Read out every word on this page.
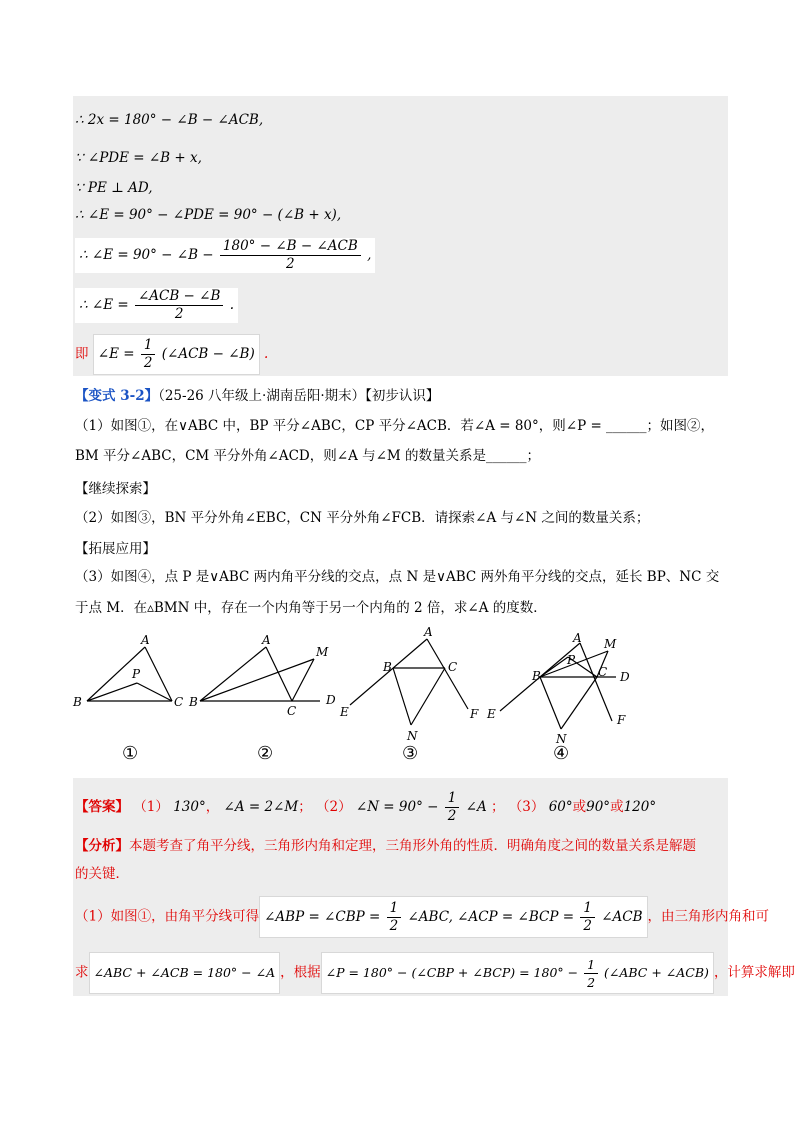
∴ 2x = 180° − ∠B − ∠ACB,
∵ ∠PDE = ∠B + x,
∵ PE ⊥ AD,
∴ ∠E = 90° − ∠PDE = 90° − (∠B + x),
∴ ∠E = 90° − ∠B − $\frac{\text{180° − ∠B − ∠ACB}}{2}$ ,
∴ ∠E = $\frac{\text{∠ACB − ∠B}}{2}$ .
即 ∠E = $\frac{1}{2}$ (∠ACB − ∠B) .
【变式 3-2】（25-26 八年级上·湖南岳阳·期末）【初步认识】
（1）如图①，在∨ABC 中，BP 平分∠ABC，CP 平分∠ACB．若∠A = 80°，则∠P = ______；如图②，
BM 平分∠ABC，CM 平分外角∠ACD，则∠A 与∠M 的数量关系是______；
【继续探索】
（2）如图③，BN 平分外角∠EBC，CN 平分外角∠FCB．请探索∠A 与∠N 之间的数量关系；
【拓展应用】
（3）如图④，点 P 是∨ABC 两内角平分线的交点，点 N 是∨ABC 两外角平分线的交点，延长 BP、NC 交
于点 M．在▵BMN 中，存在一个内角等于另一个内角的 2 倍，求∠A 的度数．
A
P
B	C
A
M
B
C
D
A
B	C
E
N
F
A M
P
B	C D
E
N
F
①	②	③	④
【答案】 （1） 130°， ∠A = 2∠M； （2） ∠N = $90^\circ - \frac{1}{2}$ ∠A ； （3） 60°或90°或120°
【分析】本题考查了角平分线，三角形内角和定理，三角形外角的性质．明确角度之间的数量关系是解题
的关键．
（1）如图①，由角平分线可得 ∠ABP = ∠CBP = $\frac{1}{2}$ ∠ABC, ∠ACP = ∠BCP = $\frac{1}{2}$ ∠ACB ，由三角形内角和可
求 ∠ABC + ∠ACB = 180° − ∠A ，根据 ∠P = 180° − (∠CBP + ∠BCP) = $180^\circ - \frac{1}{2}$ (∠ABC + ∠ACB) ，计算求解即
